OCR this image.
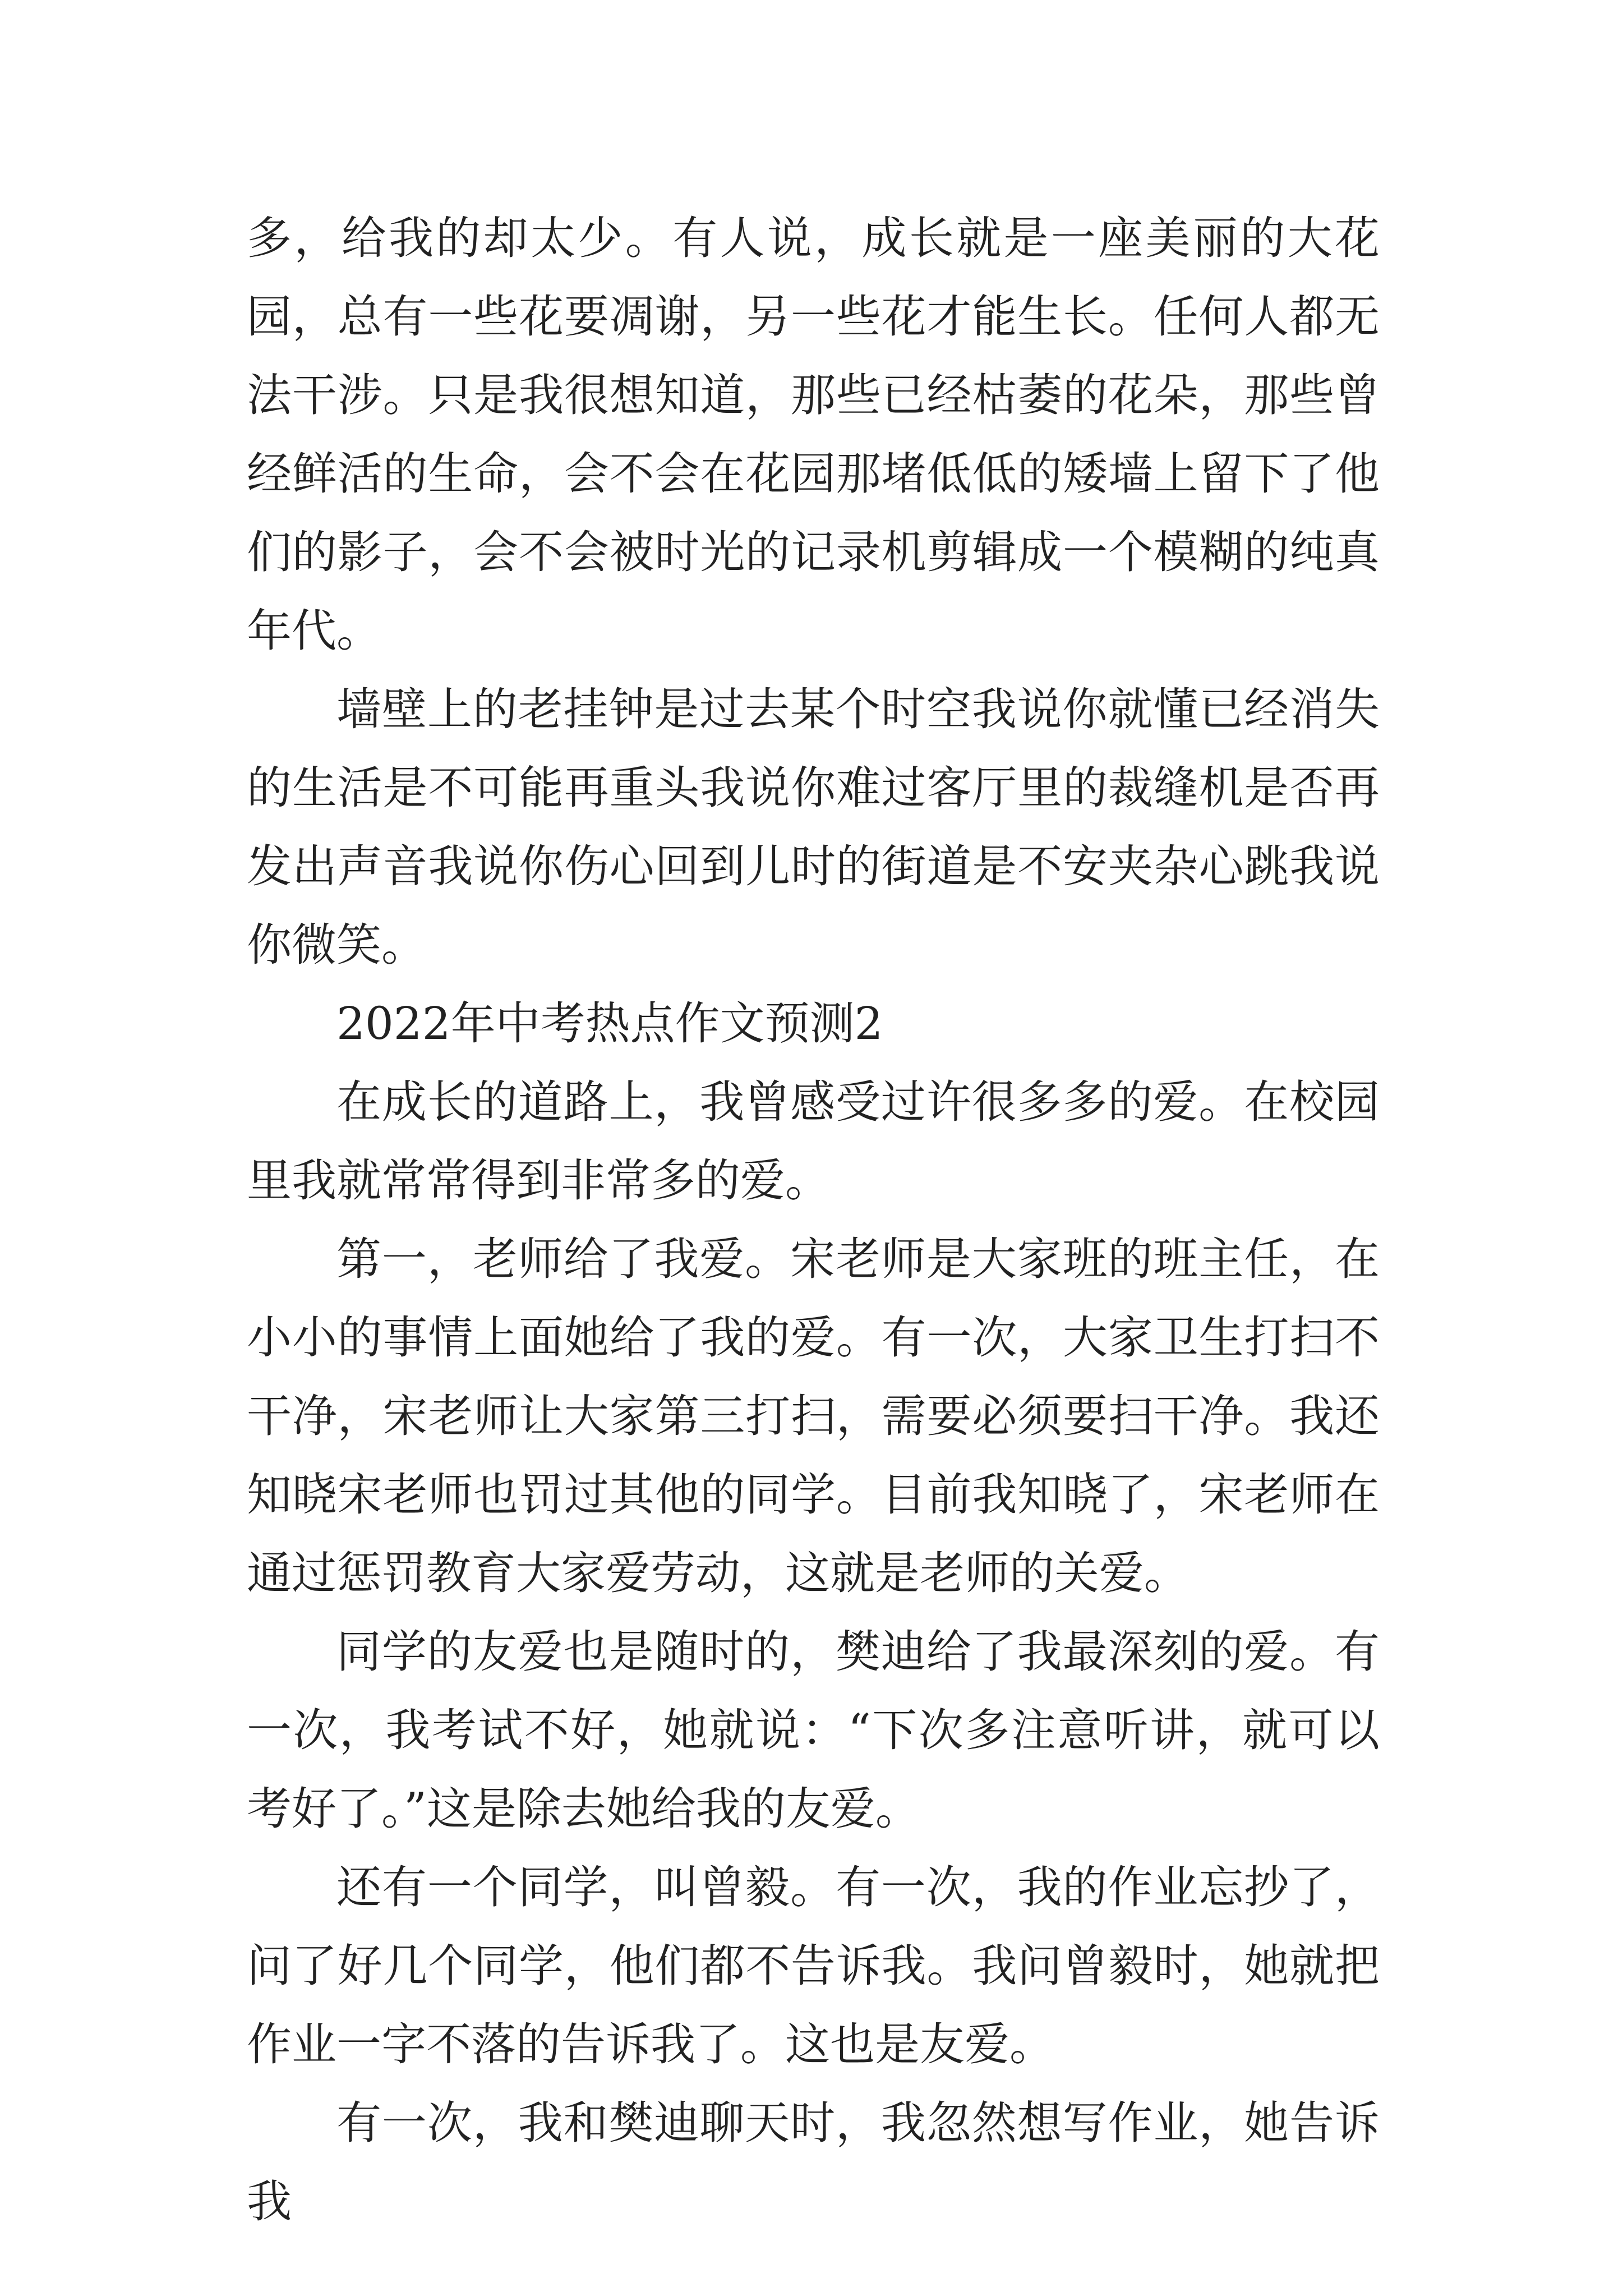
多，给我的却太少。有人说，成长就是一座美丽的大花园，总有一些花要凋谢，另一些花才能生长。任何人都无法干涉。只是我很想知道，那些已经枯萎的花朵，那些曾经鲜活的生命，会不会在花园那堵低低的矮墙上留下了他们的影子，会不会被时光的记录机剪辑成一个模糊的纯真年代。

墙壁上的老挂钟是过去某个时空我说你就懂已经消失的生活是不可能再重头我说你难过客厅里的裁缝机是否再发出声音我说你伤心回到儿时的街道是不安夹杂心跳我说你微笑。

2022年中考热点作文预测2

在成长的道路上，我曾感受过许很多多的爱。在校园里我就常常得到非常多的爱。

第一，老师给了我爱。宋老师是大家班的班主任，在小小的事情上面她给了我的爱。有一次，大家卫生打扫不干净，宋老师让大家第三打扫，需要必须要扫干净。我还知晓宋老师也罚过其他的同学。目前我知晓了，宋老师在通过惩罚教育大家爱劳动，这就是老师的关爱。

同学的友爱也是随时的，樊迪给了我最深刻的爱。有一次，我考试不好，她就说：“下次多注意听讲，就可以考好了。”这是除去她给我的友爱。

还有一个同学，叫曾毅。有一次，我的作业忘抄了，问了好几个同学，他们都不告诉我。我问曾毅时，她就把作业一字不落的告诉我了。这也是友爱。

有一次，我和樊迪聊天时，我忽然想写作业，她告诉我
